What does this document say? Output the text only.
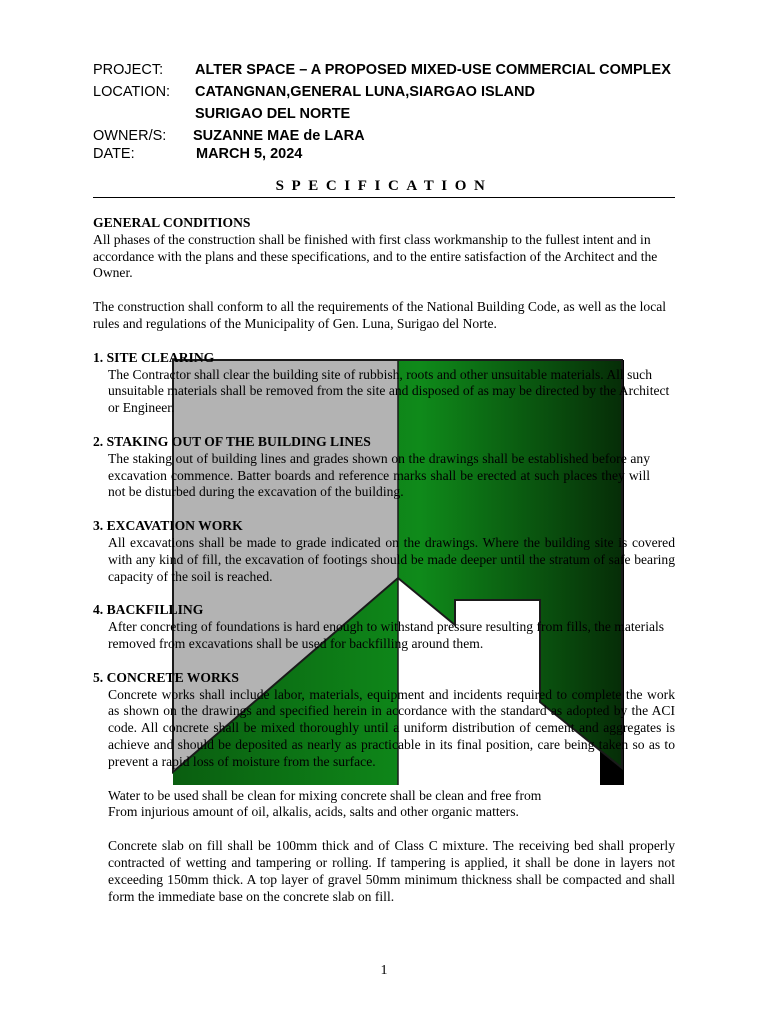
PROJECT: ALTER SPACE – A PROPOSED MIXED-USE COMMERCIAL COMPLEX
LOCATION: CATANGNAN,GENERAL LUNA,SIARGAO ISLAND
SURIGAO DEL NORTE
OWNER/S: SUZANNE MAE de LARA
DATE:	MARCH 5, 2024
SPECIFICATION

GENERAL CONDITIONS

All phases of the construction shall be finished with first class workmanship to the fullest intent and in accordance with the plans and these specifications, and to the entire satisfaction of the Architect and the Owner.

The construction shall conform to all the requirements of the National Building Code, as well as the local rules and regulations of the Municipality of Gen. Luna, Surigao del Norte.

1. SITE CLEARING

The Contractor shall clear the building site of rubbish, roots and other unsuitable materials. All such unsuitable materials shall be removed from the site and disposed of as may be directed by the Architect or Engineer.

2. STAKING OUT OF THE BUILDING LINES

The staking out of building lines and grades shown on the drawings shall be established before any excavation commence. Batter boards and reference marks shall be erected at such places they will not be disturbed during the excavation of the building.

3. EXCAVATION WORK

All excavations shall be made to grade indicated on the drawings. Where the building site is covered with any kind of fill, the excavation of footings should be made deeper until the stratum of safe bearing capacity of the soil is reached.

4. BACKFILLING

After concreting of foundations is hard enough to withstand pressure resulting from fills, the materials removed from excavations shall be used for backfilling around them.

5. CONCRETE WORKS

Concrete works shall include labor, materials, equipment and incidents required to complete the work as shown on the drawings and specified herein in accordance with the standard as adopted by the ACI code. All concrete shall be mixed thoroughly until a uniform distribution of cement and aggregates is achieve and should be deposited as nearly as practicable in its final position, care being taken so as to prevent a rapid loss of moisture from the surface.

Water to be used shall be clean for mixing concrete shall be clean and free from

From injurious amount of oil, alkalis, acids, salts and other organic matters.

Concrete slab on fill shall be 100mm thick and of Class C mixture. The receiving bed shall properly contracted of wetting and tampering or rolling. If tampering is applied, it shall be done in layers not exceeding 150mm thick. A top layer of gravel 50mm minimum thickness shall be compacted and shall form the immediate base on the concrete slab on fill.

1
